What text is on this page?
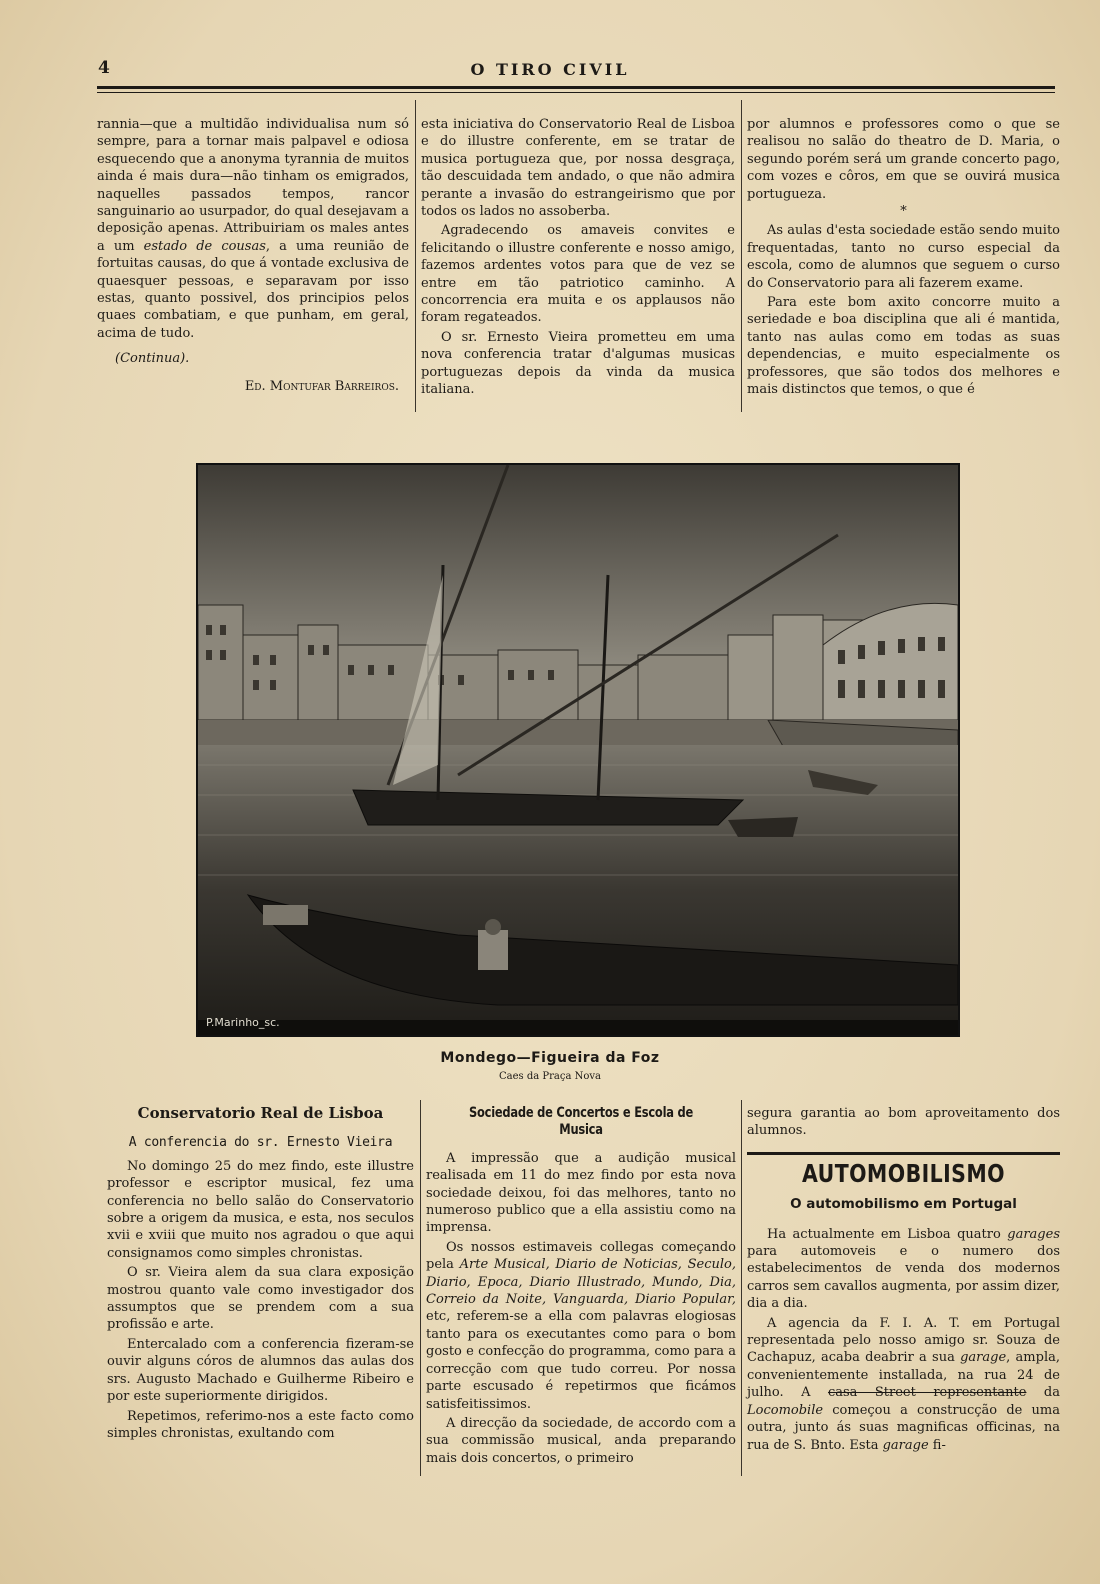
4	O TIRO CIVIL

rannia—que a multidão individualisa num só sempre, para a tornar mais palpavel e odiosa esquecendo que a anonyma tyrannia de muitos ainda é mais dura—não tinham os emigrados, naquelles passados tempos, rancor sanguinario ao usurpador, do qual desejavam a deposição apenas. Attribuiriam os males antes a um estado de cousas, a uma reunião de fortuitas causas, do que á vontade exclusiva de quaesquer pessoas, e separavam por isso estas, quanto possivel, dos principios pelos quaes combatiam, e que punham, em geral, acima de tudo.

(Continua).
Ed. Montufar Barreiros.

esta iniciativa do Conservatorio Real de Lisboa e do illustre conferente, em se tratar de musica portugueza que, por nossa desgraça, tão descuidada tem andado, o que não admira perante a invasão do estrangeirismo que por todos os lados no assoberba.

Agradecendo os amaveis convites e felicitando o illustre conferente e nosso amigo, fazemos ardentes votos para que de vez se entre em tão patriotico caminho. A concorrencia era muita e os applausos não foram regateados.

O sr. Ernesto Vieira prometteu em uma nova conferencia tratar d'algumas musicas portuguezas depois da vinda da musica italiana.

por alumnos e professores como o que se realisou no salão do theatro de D. Maria, o segundo porém será um grande concerto pago, com vozes e côros, em que se ouvirá musica portugueza.

*

As aulas d'esta sociedade estão sendo muito frequentadas, tanto no curso especial da escola, como de alumnos que seguem o curso do Conservatorio para ali fazerem exame.

Para este bom axito concorre muito a seriedade e boa disciplina que ali é mantida, tanto nas aulas como em todas as suas dependencias, e muito especialmente os professores, que são todos dos melhores e mais distinctos que temos, o que é

P.Marinho_sc.
Mondego—Figueira da Foz
Caes da Praça Nova
Conservatorio Real de Lisboa
A conferencia do sr. Ernesto Vieira

No domingo 25 do mez findo, este illustre professor e escriptor musical, fez uma conferencia no bello salão do Conservatorio sobre a origem da musica, e esta, nos seculos xvii e xviii que muito nos agradou o que aqui consignamos como simples chronistas.

O sr. Vieira alem da sua clara exposição mostrou quanto vale como investigador dos assumptos que se prendem com a sua profissão e arte.

Entercalado com a conferencia fizeram-se ouvir alguns córos de alumnos das aulas dos srs. Augusto Machado e Guilherme Ribeiro e por este superiormente dirigidos.

Repetimos, referimo-nos a este facto como simples chronistas, exultando com

Sociedade de Concertos e Escola de Musica

A impressão que a audição musical realisada em 11 do mez findo por esta nova sociedade deixou, foi das melhores, tanto no numeroso publico que a ella assistiu como na imprensa.

Os nossos estimaveis collegas começando pela Arte Musical, Diario de Noticias, Seculo, Diario, Epoca, Diario Illustrado, Mundo, Dia, Correio da Noite, Vanguarda, Diario Popular, etc, referem-se a ella com palavras elogiosas tanto para os executantes como para o bom gosto e confecção do programma, como para a correcção com que tudo correu. Por nossa parte escusado é repetirmos que ficámos satisfeitissimos.

A direcção da sociedade, de accordo com a sua commissão musical, anda preparando mais dois concertos, o primeiro

segura garantia ao bom aproveitamento dos alumnos.

AUTOMOBILISMO
O automobilismo em Portugal

Ha actualmente em Lisboa quatro garages para automoveis e o numero dos estabelecimentos de venda dos modernos carros sem cavallos augmenta, por assim dizer, dia a dia.

A agencia da F. I. A. T. em Portugal representada pelo nosso amigo sr. Souza de Cachapuz, acaba deabrir a sua garage, ampla, convenientemente installada, na rua 24 de julho. A casa Street representante da Locomobile começou a construcção de uma outra, junto ás suas magnificas officinas, na rua de S. Bnto. Esta garage fi-
